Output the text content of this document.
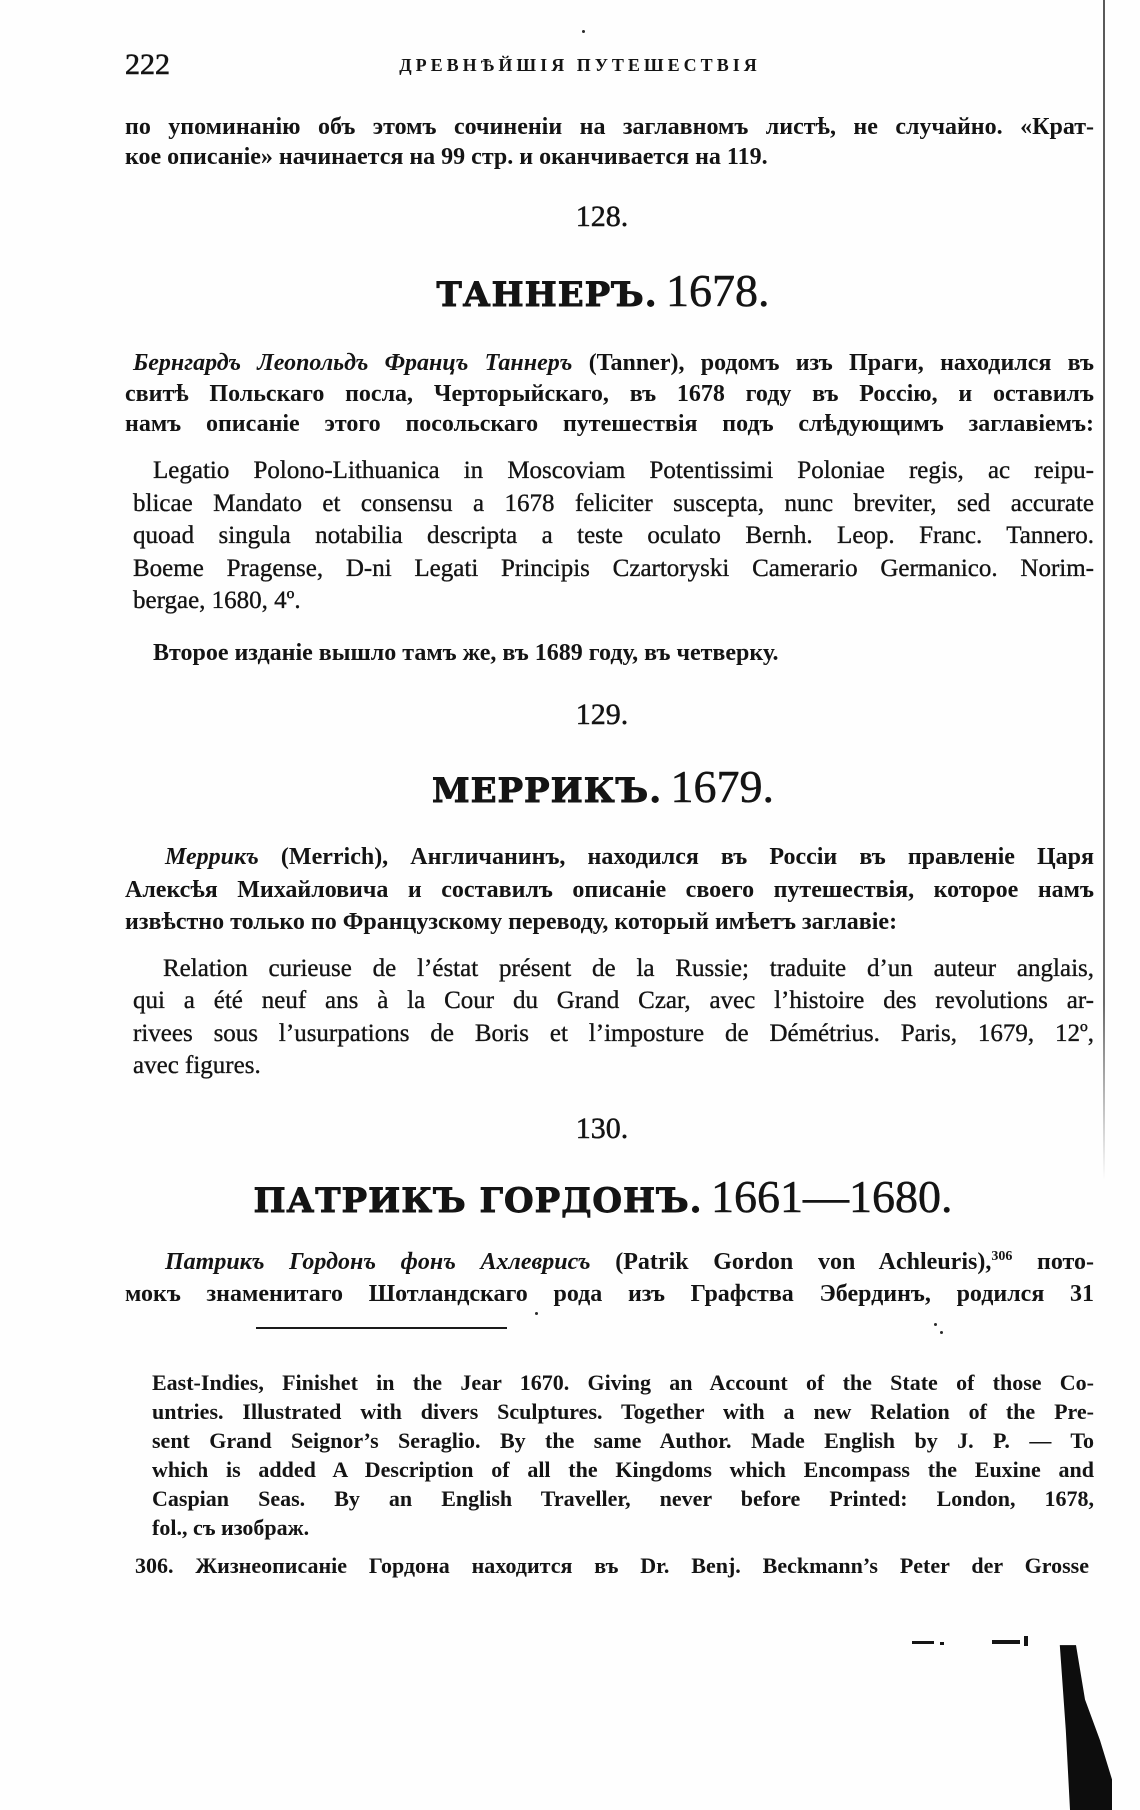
222	ДРЕВНѢЙШІЯ ПУТЕШЕСТВІЯ
по упоминанію объ этомъ сочиненіи на заглавномъ листѣ, не случайно. «Крат-
кое описаніе» начинается на 99 стр. и оканчивается на 119.
128.
ТАННЕРЪ. 1678.
Бернгардъ Леопольдъ Францъ Таннеръ (Tanner), родомъ изъ Праги, находился въ
свитѣ Польскаго посла, Черторыйскаго, въ 1678 году въ Россію, и оставилъ
намъ описаніе этого посольскаго путешествія подъ слѣдующимъ заглавіемъ:
Legatio Polono-Lithuanica in Moscoviam Potentissimi Poloniae regis, ac reipu-
blicae Mandato et consensu a 1678 feliciter suscepta, nunc breviter, sed accurate
quoad singula notabilia descripta a teste oculato Bernh. Leop. Franc. Tannero.
Boeme Pragense, D-ni Legati Principis Czartoryski Camerario Germanico. Norim-
bergae, 1680, 4º.
Второе изданіе вышло тамъ же, въ 1689 году, въ четверку.
129.
МЕРРИКЪ. 1679.
Меррикъ (Merrich), Англичанинъ, находился въ Россіи въ правленіе Царя
Алексѣя Михайловича и составилъ описаніе своего путешествія, которое намъ
извѣстно только по Французскому переводу, который имѣетъ заглавіе:
Relation curieuse de l’éstat présent de la Russie; traduite d’un auteur anglais,
qui a été neuf ans à la Cour du Grand Czar, avec l’histoire des revolutions ar-
rivees sous l’usurpations de Boris et l’imposture de Démétrius. Paris, 1679, 12º,
avec figures.
130.
ПАТРИКЪ ГОРДОНЪ. 1661—1680.
Патрикъ Гордонъ фонъ Ахлеврисъ (Patrik Gordon von Achleuris),$^{306}$ пото-
мокъ знаменитаго Шотландскаго рода изъ Графства Эбердинъ, родился 31
East-Indies, Finishet in the Jear 1670. Giving an Account of the State of those Co-
untries. Illustrated with divers Sculptures. Together with a new Relation of the Pre-
sent Grand Seignor’s Seraglio. By the same Author. Made English by J. P. — To
which is added A Description of all the Kingdoms which Encompass the Euxine and
Caspian Seas. By an English Traveller, never before Printed: London, 1678,
fol., съ изображ.
306. Жизнеописаніе Гордона находится въ Dr. Benj. Beckmann’s Peter der Grosse
